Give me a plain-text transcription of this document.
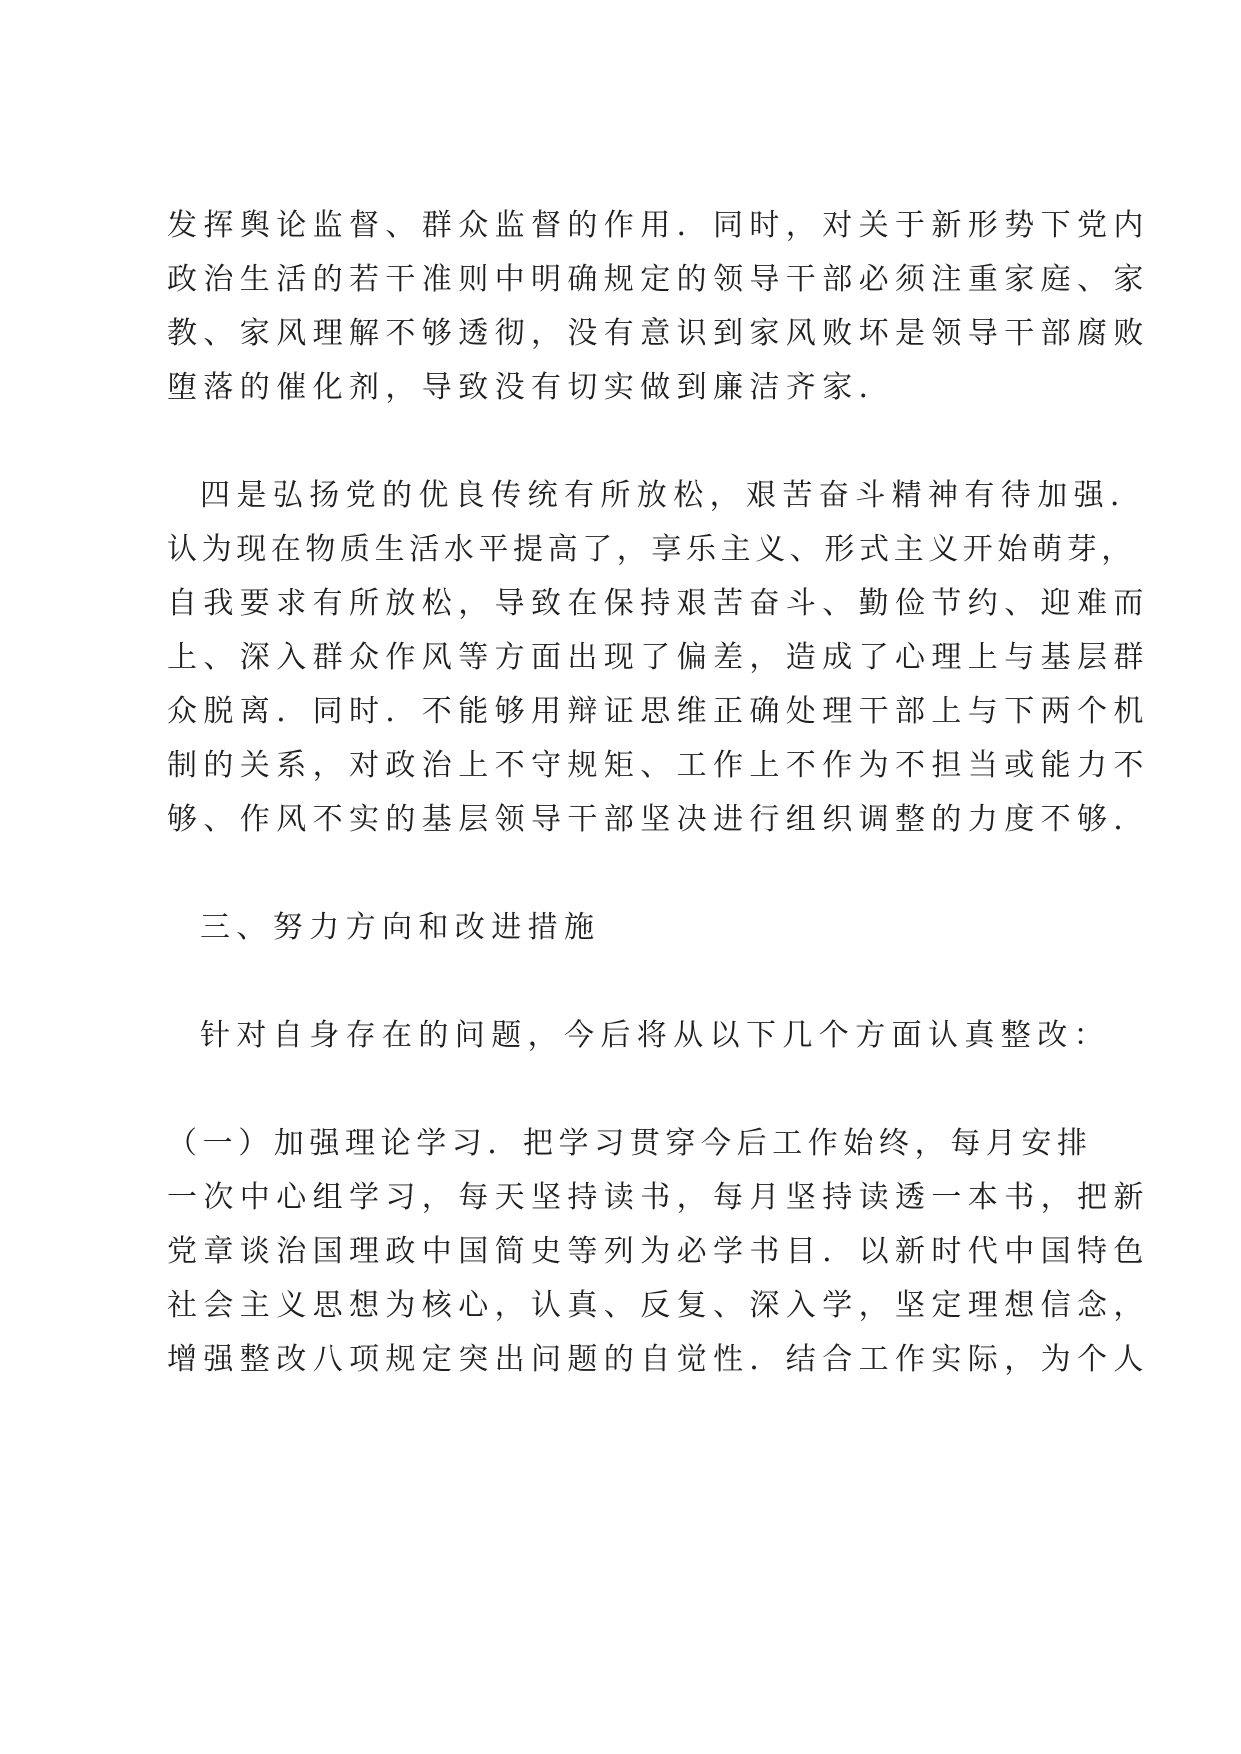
发挥舆论监督、群众监督的作用．同时，对关于新形势下党内

政治生活的若干准则中明确规定的领导干部必须注重家庭、家

教、家风理解不够透彻，没有意识到家风败坏是领导干部腐败

堕落的催化剂，导致没有切实做到廉洁齐家．

四是弘扬党的优良传统有所放松，艰苦奋斗精神有待加强．

认为现在物质生活水平提高了，享乐主义、形式主义开始萌芽，

自我要求有所放松，导致在保持艰苦奋斗、勤俭节约、迎难而

上、深入群众作风等方面出现了偏差，造成了心理上与基层群

众脱离．同时．不能够用辩证思维正确处理干部上与下两个机

制的关系，对政治上不守规矩、工作上不作为不担当或能力不

够、作风不实的基层领导干部坚决进行组织调整的力度不够．

三、努力方向和改进措施

针对自身存在的问题，今后将从以下几个方面认真整改：

（一）加强理论学习．把学习贯穿今后工作始终，每月安排

一次中心组学习，每天坚持读书，每月坚持读透一本书，把新

党章谈治国理政中国简史等列为必学书目．以新时代中国特色

社会主义思想为核心，认真、反复、深入学，坚定理想信念，

增强整改八项规定突出问题的自觉性．结合工作实际，为个人
